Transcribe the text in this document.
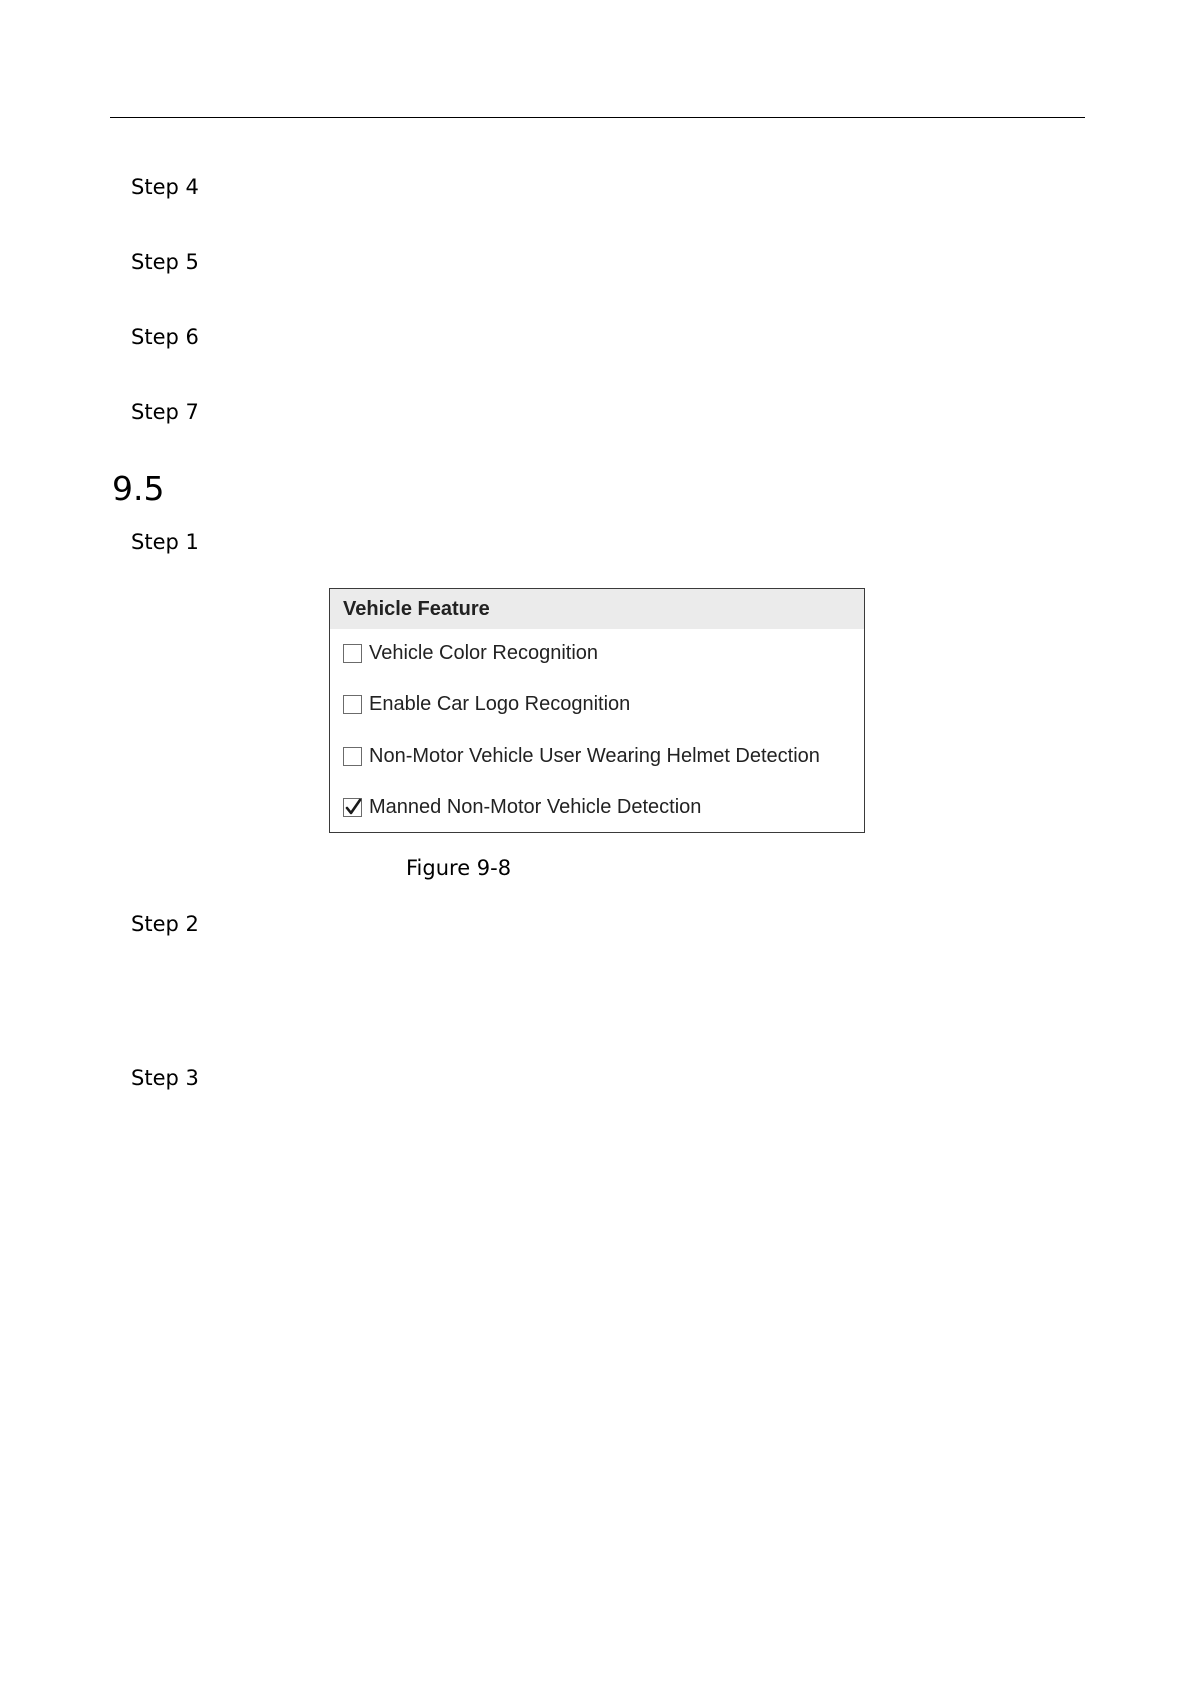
Step 4
Step 5
Step 6
Step 7
9.5
Step 1
Vehicle Feature
Vehicle Color Recognition
Enable Car Logo Recognition
Non-Motor Vehicle User Wearing Helmet Detection
Manned Non-Motor Vehicle Detection
Figure 9-8
Step 2
Step 3
